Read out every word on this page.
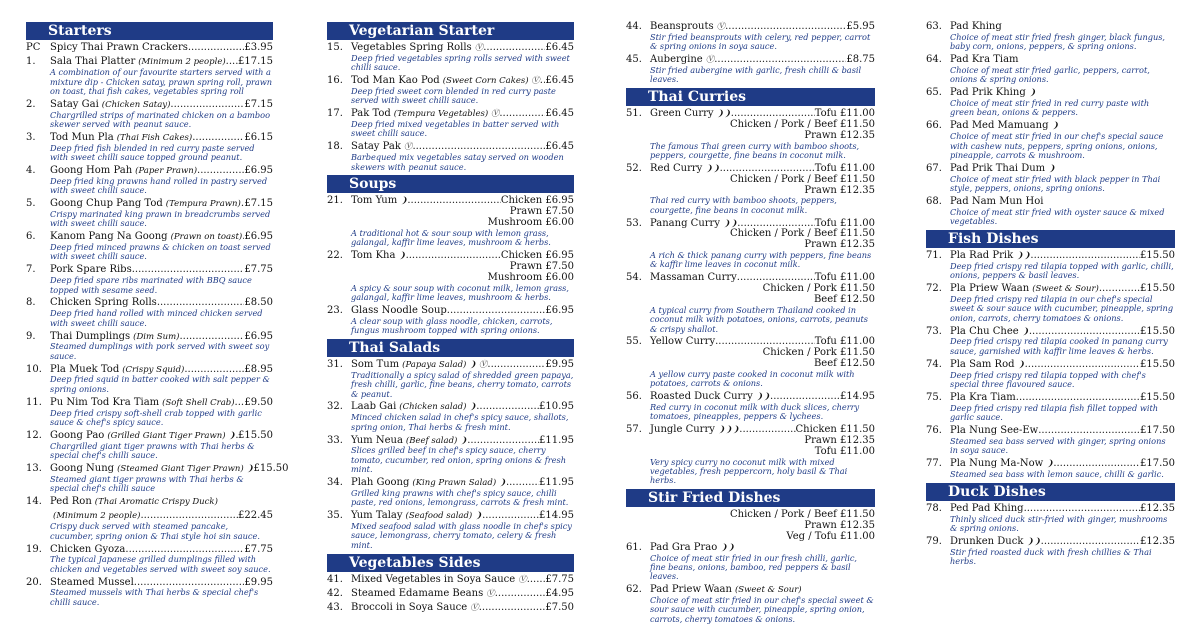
Starters
PC Spicy Thai Prawn Crackers .....	£3.95
1.	Sala Thai Platter (Minimum 2 people) ..... £17.15
A combination of our favourite starters served with a mixture dip - Chicken satay, prawn spring roll, prawn on toast, thai fish cakes, vegetables spring roll
2.	Satay Gai (Chicken Satay) .....	£7.15
Chargrilled strips of marinated chicken on a bamboo skewer served with peanut sauce.
3.	Tod Mun Pla (Thai Fish Cakes) .....	£6.15
Deep fried fish blended in red curry paste served with sweet chilli sauce topped ground peanut.
4.	Goong Hom Pah (Paper Prawn) .....	£6.95
Deep fried king prawns hand rolled in pastry served with sweet chilli sauce.
5.	Goong Chup Pang Tod (Tempura Prawn) ..... £7.15
Crispy marinated king prawn in breadcrumbs served with sweet chilli sauce.
6.	Kanom Pang Na Goong (Prawn on toast) ..... £6.95
Deep fried minced prawns & chicken on toast served with sweet chilli sauce.
7.	Pork Spare Ribs .....	£7.75
Deep fried spare ribs marinated with BBQ sauce topped with sesame seed.
8.	Chicken Spring Rolls .....	£8.50
Deep fried hand rolled with minced chicken served with sweet chilli sauce.
9.	Thai Dumplings (Dim Sum) .....	£6.95
Steamed dumplings with pork served with sweet soy sauce.
10. Pla Muek Tod (Crispy Squid) .....	£8.95
Deep fried squid in batter cooked with salt pepper & spring onions.
11. Pu Nim Tod Kra Tiam (Soft Shell Crab) ..... £9.50
Deep fried crispy soft-shell crab topped with garlic sauce & chef's spicy sauce.
12. Goong Pao (Grilled Giant Tiger Prawn) ❩ ..... £15.50
Chargrilled giant tiger prawns with Thai herbs & special chef's chilli sauce.
13. Goong Nung (Steamed Giant Tiger Prawn) ❩ £15.50
Steamed giant tiger prawns with Thai herbs & special chef's chilli sauce
14. Ped Ron (Thai Aromatic Crispy Duck)
(Minimum 2 people) .....	£22.45
Crispy duck served with steamed pancake, cucumber, spring onion & Thai style hoi sin sauce.
19. Chicken Gyoza .....	£7.75
The typical Japanese grilled dumplings filled with chicken and vegetables served with sweet soy sauce.
20. Steamed Mussel .....	£9.95
Steamed mussels with Thai herbs & special chef's chilli sauce.
Vegetarian Starter
15. Vegetables Spring Rolls Ⓥ .....	£6.45
Deep fried vegetables spring rolls served with sweet chilli sauce.
16. Tod Man Kao Pod (Sweet Corn Cakes) Ⓥ ..... £6.45
Deep fried sweet corn blended in red curry paste served with sweet chilli sauce.
17. Pak Tod (Tempura Vegetables) Ⓥ .....	£6.45
Deep fried mixed vegetables in batter served with sweet chilli sauce.
18. Satay Pak Ⓥ .....	£6.45
Barbequed mix vegetables satay served on wooden skewers with peanut sauce.
Soups
21. Tom Yum ❩ .....	Chicken £6.95
Prawn £7.50
Mushroom £6.00
A traditional hot & sour soup with lemon grass, galangal, kaffir lime leaves, mushroom & herbs.
22. Tom Kha ❩ .....	Chicken £6.95
Prawn £7.50
Mushroom £6.00
A spicy & sour soup with coconut milk, lemon grass, galangal, kaffir lime leaves, mushroom & herbs.
23. Glass Noodle Soup .....	£6.95
A clear soup with glass noodle, chicken, carrots, fungus mushroom topped with spring onions.
Thai Salads
31. Som Tum (Papaya Salad) ❩ Ⓥ .....	£9.95
Traditionally a spicy salad of shredded green papaya, fresh chilli, garlic, fine beans, cherry tomato, carrots & peanut.
32. Laab Gai (Chicken salad) ❩ .....	£10.95
Minced chicken salad in chef's spicy sauce, shallots, spring onion, Thai herbs & fresh mint.
33. Yum Neua (Beef salad) ❩ .....	£11.95
Slices grilled beef in chef's spicy sauce, cherry tomato, cucumber, red onion, spring onions & fresh mint.
34. Plah Goong (King Prawn Salad) ❩ .....	£11.95
Grilled king prawns with chef's spicy sauce, chilli paste, red onions, lemongrass, carrots & fresh mint.
35. Yum Talay (Seafood salad) ❩ .....	£14.95
Mixed seafood salad with glass noodle in chef's spicy sauce, lemongrass, cherry tomato, celery & fresh mint.
Vegetables Sides
41. Mixed Vegetables in Soya Sauce Ⓥ ..... £7.75
42. Steamed Edamame Beans Ⓥ .....	£4.95
43. Broccoli in Soya Sauce Ⓥ .....	£7.50
44. Beansprouts Ⓥ .....	£5.95
Stir fried beansprouts with celery, red pepper, carrot & spring onions in soya sauce.
45. Aubergine Ⓥ .....	£8.75
Stir fried aubergine with garlic, fresh chilli & basil leaves.
Thai Curries
51. Green Curry ❩❩ .....	Tofu £11.00
Chicken / Pork / Beef £11.50
Prawn £12.35
The famous Thai green curry with bamboo shoots, peppers, courgette, fine beans in coconut milk.
52. Red Curry ❩❩ .....	Tofu £11.00
Chicken / Pork / Beef £11.50
Prawn £12.35
Thai red curry with bamboo shoots, peppers, courgette, fine beans in coconut milk.
53. Panang Curry ❩❩ .....	Tofu £11.00
Chicken / Pork / Beef £11.50
Prawn £12.35
A rich & thick panang curry with peppers, fine beans & kaffir lime leaves in coconut milk.
54. Massaman Curry .....	Tofu £11.00
Chicken / Pork £11.50
Beef £12.50
A typical curry from Southern Thailand cooked in coconut milk with potatoes, onions, carrots, peanuts & crispy shallot.
55. Yellow Curry .....	Tofu £11.00
Chicken / Pork £11.50
Beef £12.50
A yellow curry paste cooked in coconut milk with potatoes, carrots & onions.
56. Roasted Duck Curry ❩❩ .....	£14.95
Red curry in coconut milk with duck slices, cherry tomatoes, pineapples, peppers & lychees.
57. Jungle Curry ❩❩❩ .....	Chicken £11.50
Prawn £12.35
Tofu £11.00
Very spicy curry no coconut milk with mixed vegetables, fresh peppercorn, holy basil & Thai herbs.
Stir Fried Dishes
Chicken / Pork / Beef £11.50
Prawn £12.35
Veg / Tofu £11.00
61. Pad Gra Prao ❩❩
Choice of meat stir fried in our fresh chilli, garlic, fine beans, onions, bamboo, red peppers & basil leaves.
62. Pad Priew Waan (Sweet & Sour)
Choice of meat stir fried in our chef's special sweet & sour sauce with cucumber, pineapple, spring onion, carrots, cherry tomatoes & onions.
63. Pad Khing
Choice of meat stir fried fresh ginger, black fungus, baby corn, onions, peppers, & spring onions.
64. Pad Kra Tiam
Choice of meat stir fried garlic, peppers, carrot, onions & spring onions.
65. Pad Prik Khing ❩
Choice of meat stir fried in red curry paste with green bean, onions & peppers.
66. Pad Med Mamuang ❩
Choice of meat stir fried in our chef's special sauce with cashew nuts, peppers, spring onions, onions, pineapple, carrots & mushroom.
67. Pad Prik Thai Dum ❩
Choice of meat stir fried with black pepper in Thai style, peppers, onions, spring onions.
68. Pad Nam Mun Hoi
Choice of meat stir fried with oyster sauce & mixed vegetables.
Fish Dishes
71. Pla Rad Prik ❩❩ .....	£15.50
Deep fried crispy red tilapia topped with garlic, chilli, onions, peppers & basil leaves.
72. Pla Priew Waan (Sweet & Sour) .....	£15.50
Deep fried crispy red tilapia in our chef's special sweet & sour sauce with cucumber, pineapple, spring onion, carrots, cherry tomatoes & onions.
73. Pla Chu Chee ❩ .....	£15.50
Deep fried crispy red tilapia cooked in panang curry sauce, garnished with kaffir lime leaves & herbs.
74. Pla Sam Rod ❩ .....	£15.50
Deep fried crispy red tilapia topped with chef's special three flavoured sauce.
75. Pla Kra Tiam .....	£15.50
Deep fried crispy red tilapia fish fillet topped with garlic sauce.
76. Pla Nung See-Ew .....	£17.50
Steamed sea bass served with ginger, spring onions in soya sauce.
77. Pla Nung Ma-Now ❩ .....	£17.50
Steamed sea bass with lemon sauce, chilli & garlic.
Duck Dishes
78. Ped Pad Khing .....	£12.35
Thinly sliced duck stir-fried with ginger, mushrooms & spring onions.
79. Drunken Duck ❩❩ .....	£12.35
Stir fried roasted duck with fresh chillies & Thai herbs.
